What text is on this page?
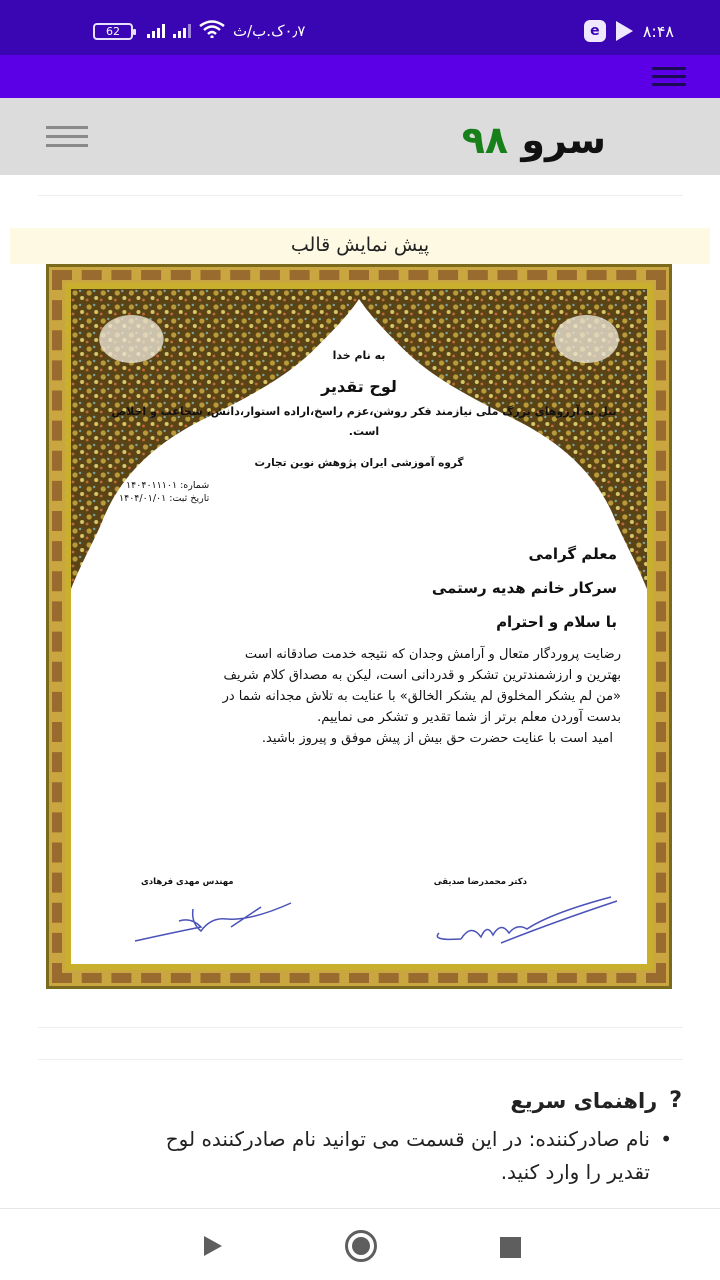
62	۰٫۷ک.ب/ث	e	۸:۴۸
سرو ۹۸
پیش نمایش قالب
به نام خدا
لوح تقدیر
نیل به آرزوهای بزرگ ملی نیازمند فکر روشن،عزم راسخ،اراده استوار،دانش، شجاعت و اخلاص است.
گروه آموزشی ایران پژوهش نوین تجارت
شماره: ۱۴۰۴۰۱۱۱۰۱
تاریخ ثبت: ۱۴۰۴/۰۱/۰۱
معلم گرامی
سرکار خانم هدیه رستمی
با سلام و احترام
رضایت پروردگار متعال و آرامش وجدان که نتیجه خدمت صادقانه است
بهترین و ارزشمندترین تشکر و قدردانی است، لیکن به مصداق کلام شریف
«من لم یشکر المخلوق لم یشکر الخالق» با عنایت به تلاش مجدانه شما در
بدست آوردن معلم برتر از شما تقدیر و تشکر می نماییم.
امید است با عنایت حضرت حق بیش از پیش موفق و پیروز باشید.
دکتر محمدرضا صدیقی
مهندس مهدی فرهادی
?
راهنمای سریع
• نام صادرکننده: در این قسمت می توانید نام صادرکننده لوح تقدیر را وارد کنید.
